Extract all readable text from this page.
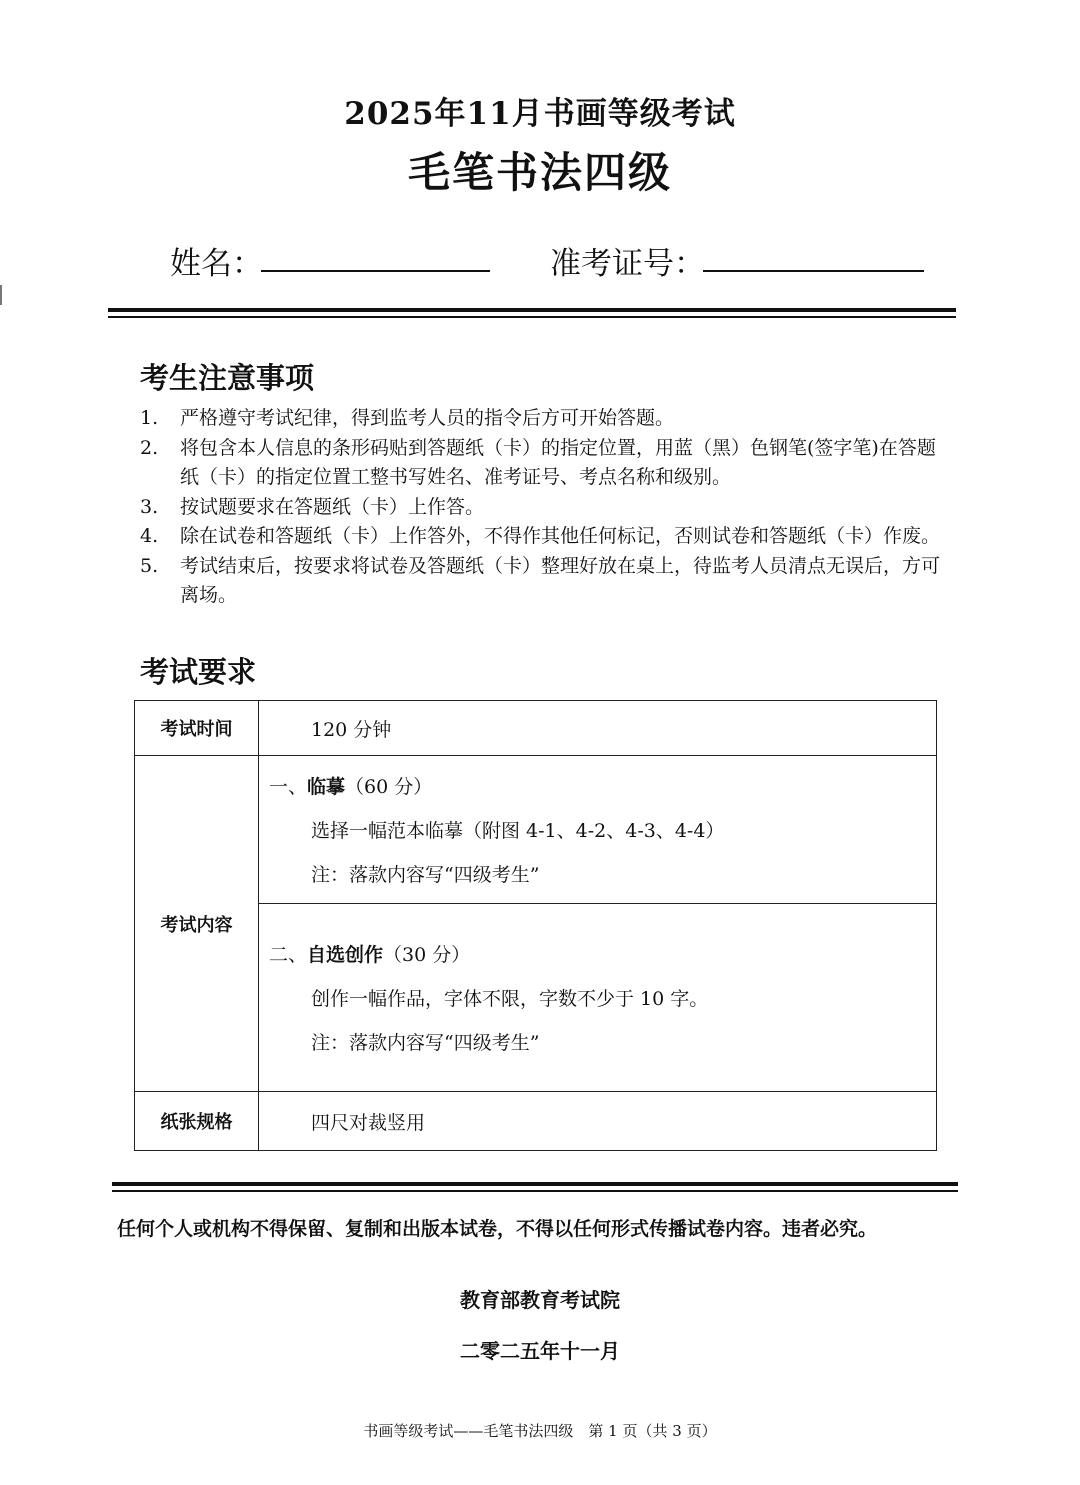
2025年11月书画等级考试
毛笔书法四级
姓名：	准考证号：
考生注意事项
1. 严格遵守考试纪律，得到监考人员的指令后方可开始答题。
2. 将包含本人信息的条形码贴到答题纸（卡）的指定位置，用蓝（黑）色钢笔(签字笔)在答题纸（卡）的指定位置工整书写姓名、准考证号、考点名称和级别。
3. 按试题要求在答题纸（卡）上作答。
4. 除在试卷和答题纸（卡）上作答外，不得作其他任何标记，否则试卷和答题纸（卡）作废。
5. 考试结束后，按要求将试卷及答题纸（卡）整理好放在桌上，待监考人员清点无误后，方可离场。
考试要求
考试时间	120 分钟
考试内容	一、临摹（60 分）
选择一幅范本临摹（附图 4-1、4-2、4-3、4-4）
注：落款内容写“四级考生”

	二、自选创作（30 分）
创作一幅作品，字体不限，字数不少于 10 字。
注：落款内容写“四级考生”

纸张规格	四尺对裁竖用
任何个人或机构不得保留、复制和出版本试卷，不得以任何形式传播试卷内容。违者必究。
教育部教育考试院
二零二五年十一月
书画等级考试——毛笔书法四级　第 1 页（共 3 页）
